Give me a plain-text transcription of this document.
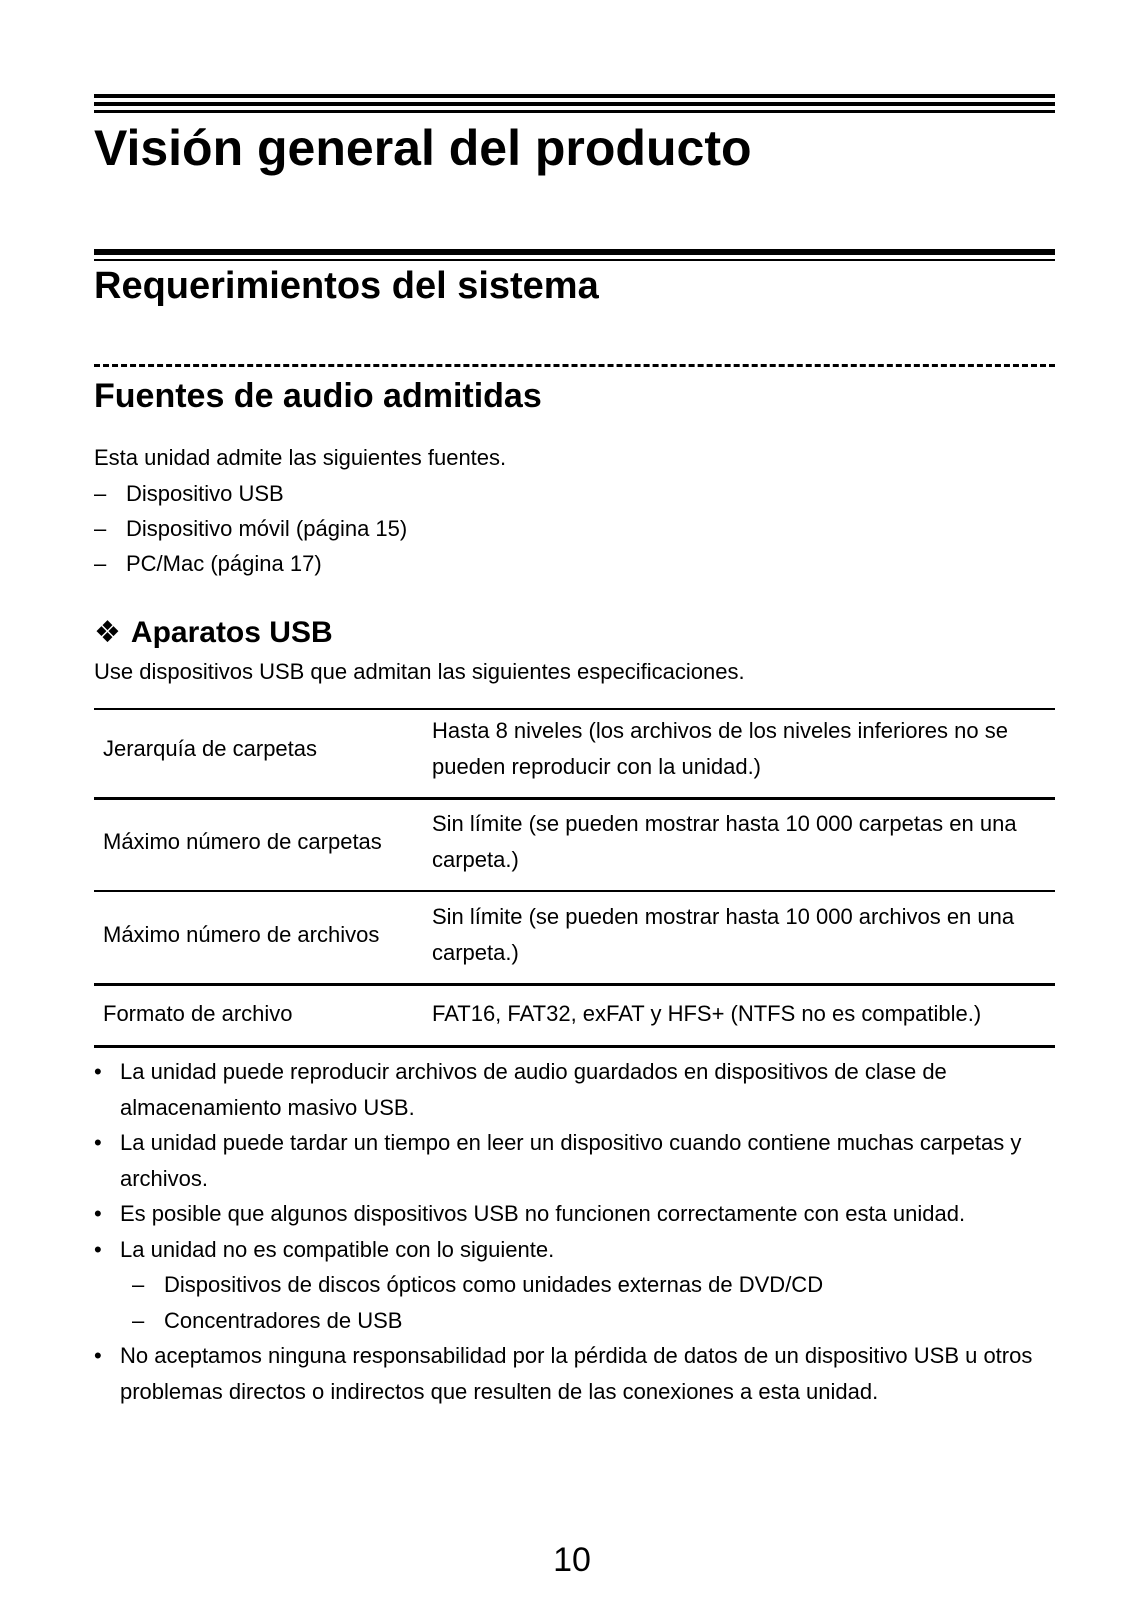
Visión general del producto
Requerimientos del sistema
Fuentes de audio admitidas
Esta unidad admite las siguientes fuentes.
– Dispositivo USB
– Dispositivo móvil (página 15)
– PC/Mac (página 17)
❖ Aparatos USB
Use dispositivos USB que admitan las siguientes especificaciones.
Jerarquía de carpetas
Hasta 8 niveles (los archivos de los niveles inferiores no se pueden reproducir con la unidad.)
Máximo número de carpetas
Sin límite (se pueden mostrar hasta 10 000 carpetas en una carpeta.)
Máximo número de archivos
Sin límite (se pueden mostrar hasta 10 000 archivos en una carpeta.)
Formato de archivo	FAT16, FAT32, exFAT y HFS+ (NTFS no es compatible.)
• La unidad puede reproducir archivos de audio guardados en dispositivos de clase de almacenamiento masivo USB.
• La unidad puede tardar un tiempo en leer un dispositivo cuando contiene muchas carpetas y archivos.
• Es posible que algunos dispositivos USB no funcionen correctamente con esta unidad.
• La unidad no es compatible con lo siguiente.
– Dispositivos de discos ópticos como unidades externas de DVD/CD
– Concentradores de USB
• No aceptamos ninguna responsabilidad por la pérdida de datos de un dispositivo USB u otros problemas directos o indirectos que resulten de las conexiones a esta unidad.
10
